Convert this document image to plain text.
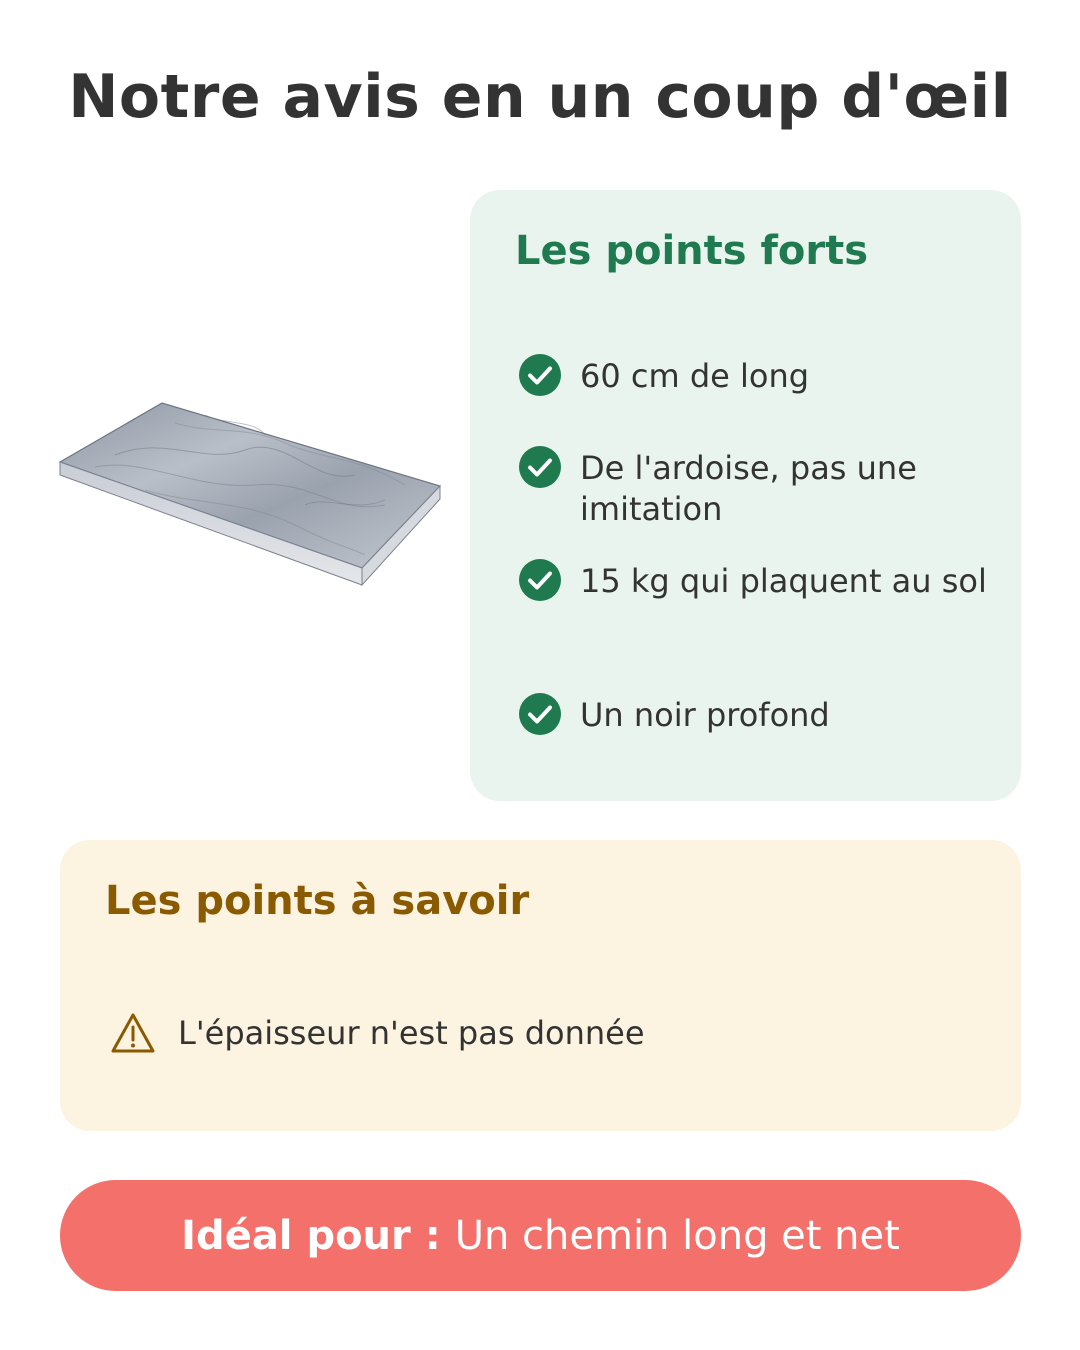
Notre avis en un coup d'œil
Les points forts
60 cm de long
De l'ardoise, pas une imitation
15 kg qui plaquent au sol
Un noir profond
Les points à savoir
L'épaisseur n'est pas donnée
Idéal pour : Un chemin long et net
